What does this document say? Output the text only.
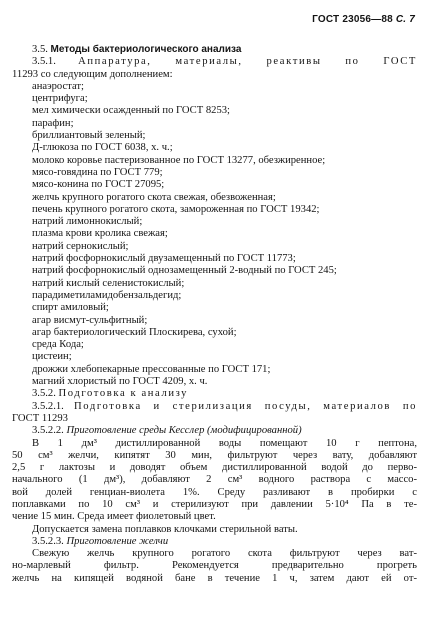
ГОСТ 23056—88 С. 7

3.5. Методы бактериологического анализа

3.5.1. Аппаратура, материалы, реактивы по ГОСТ

11293 со следующим дополнением:

анаэростат;

центрифуга;

мел химически осажденный по ГОСТ 8253;

парафин;

бриллиантовый зеленый;

Д-глюкоза по ГОСТ 6038, х. ч.;

молоко коровье пастеризованное по ГОСТ 13277, обезжиренное;

мясо-говядина по ГОСТ 779;

мясо-конина по ГОСТ 27095;

желчь крупного рогатого скота свежая, обезвоженная;

печень крупного рогатого скота, замороженная по ГОСТ 19342;

натрий лимоннокислый;

плазма крови кролика свежая;

натрий сернокислый;

натрий фосфорнокислый двузамещенный по ГОСТ 11773;

натрий фосфорнокислый однозамещенный 2-водный по ГОСТ 245;

натрий кислый селенистокислый;

парадиметиламидобензальдегид;

спирт амиловый;

агар висмут-сульфитный;

агар бактериологический Плоскирева, сухой;

среда Кода;

цистеин;

дрожжи хлебопекарные прессованные по ГОСТ 171;

магний хлористый по ГОСТ 4209, х. ч.

3.5.2. Подготовка к анализу

3.5.2.1. Подготовка и стерилизация посуды, материалов по

ГОСТ 11293

3.5.2.2. Приготовление среды Кесслер (модифицированной)

В 1 дм³ дистиллированной воды помещают 10 г пептона,

50 см³ желчи, кипятят 30 мин, фильтруют через вату, добавляют

2,5 г лактозы и доводят объем дистиллированной водой до перво-

начального (1 дм³), добавляют 2 см³ водного раствора с массо-

вой долей генциан-виолета 1%. Среду разливают в пробирки с

поплавками по 10 см³ и стерилизуют при давлении 5·10⁴ Па в те-

чение 15 мин. Среда имеет фиолетовый цвет.

Допускается замена поплавков клочками стерильной ваты.

3.5.2.3. Приготовление желчи

Свежую желчь крупного рогатого скота фильтруют через ват-

но-марлевый фильтр. Рекомендуется предварительно прогреть

желчь на кипящей водяной бане в течение 1 ч, затем дают ей от-
